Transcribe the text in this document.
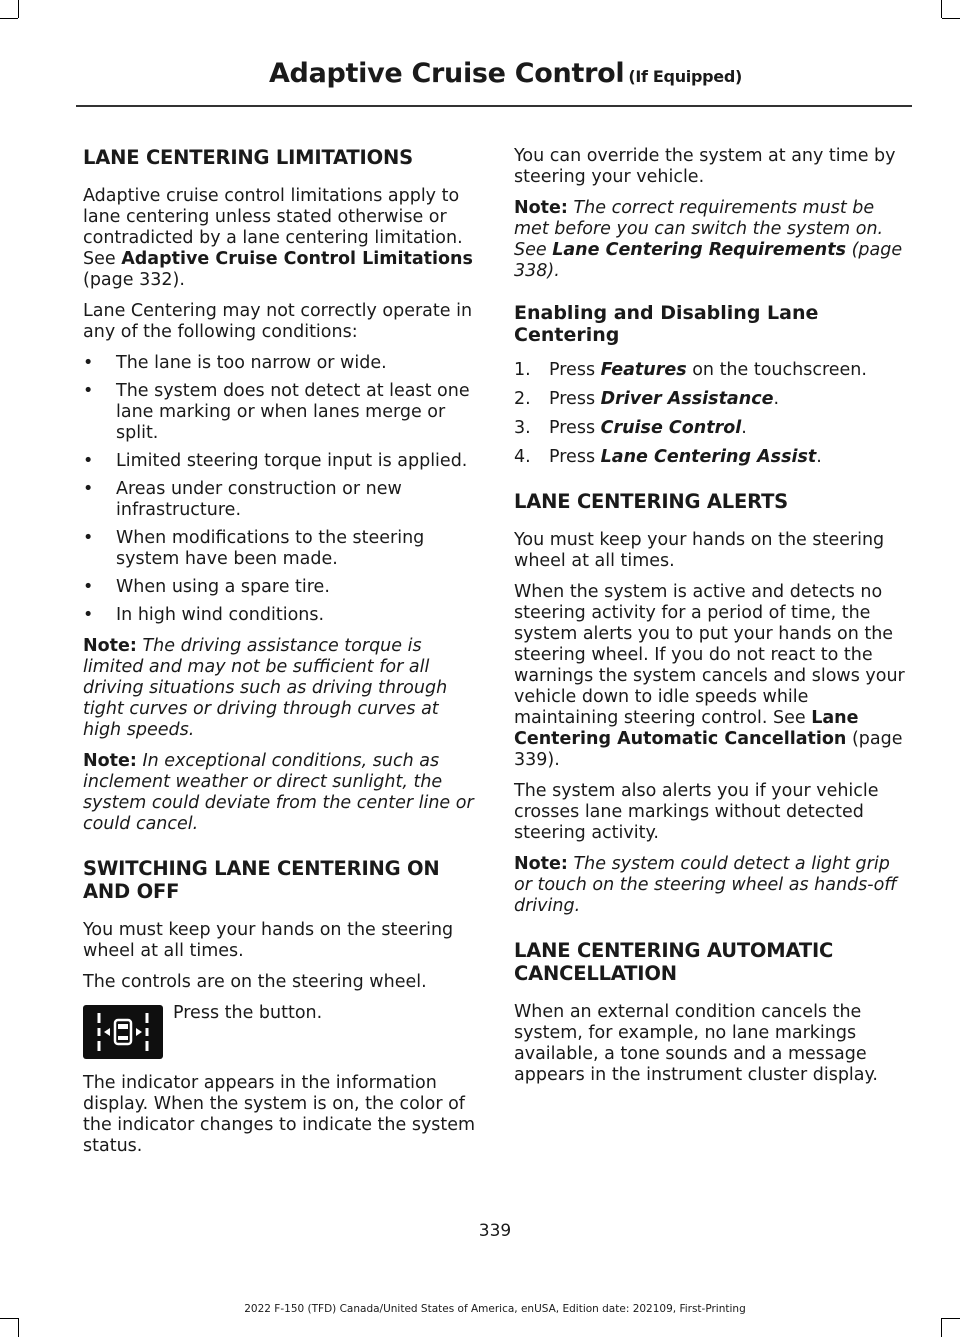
Adaptive Cruise Control (If Equipped)
LANE CENTERING LIMITATIONS

Adaptive cruise control limitations apply to lane centering unless stated otherwise or contradicted by a lane centering limitation. See Adaptive Cruise Control Limitations (page 332).

Lane Centering may not correctly operate in any of the following conditions:

• The lane is too narrow or wide.
• The system does not detect at least one lane marking or when lanes merge or split.
• Limited steering torque input is applied.
• Areas under construction or new infrastructure.
• When modifications to the steering system have been made.
• When using a spare tire.
• In high wind conditions.

Note: The driving assistance torque is limited and may not be sufficient for all driving situations such as driving through tight curves or driving through curves at high speeds.

Note: In exceptional conditions, such as inclement weather or direct sunlight, the system could deviate from the center line or could cancel.

SWITCHING LANE CENTERING ON AND OFF

You must keep your hands on the steering wheel at all times.

The controls are on the steering wheel.

Press the button.

The indicator appears in the information display. When the system is on, the color of the indicator changes to indicate the system status.

You can override the system at any time by steering your vehicle.

Note: The correct requirements must be met before you can switch the system on. See Lane Centering Requirements (page 338).

Enabling and Disabling Lane Centering
1.	Press Features on the touchscreen.
2.	Press Driver Assistance.
3.	Press Cruise Control.
4.	Press Lane Centering Assist.
LANE CENTERING ALERTS

You must keep your hands on the steering wheel at all times.

When the system is active and detects no steering activity for a period of time, the system alerts you to put your hands on the steering wheel. If you do not react to the warnings the system cancels and slows your vehicle down to idle speeds while maintaining steering control. See Lane Centering Automatic Cancellation (page 339).

The system also alerts you if your vehicle crosses lane markings without detected steering activity.

Note: The system could detect a light grip or touch on the steering wheel as hands-off driving.

LANE CENTERING AUTOMATIC CANCELLATION

When an external condition cancels the system, for example, no lane markings available, a tone sounds and a message appears in the instrument cluster display.

339
2022 F-150 (TFD) Canada/United States of America, enUSA, Edition date: 202109, First-Printing
